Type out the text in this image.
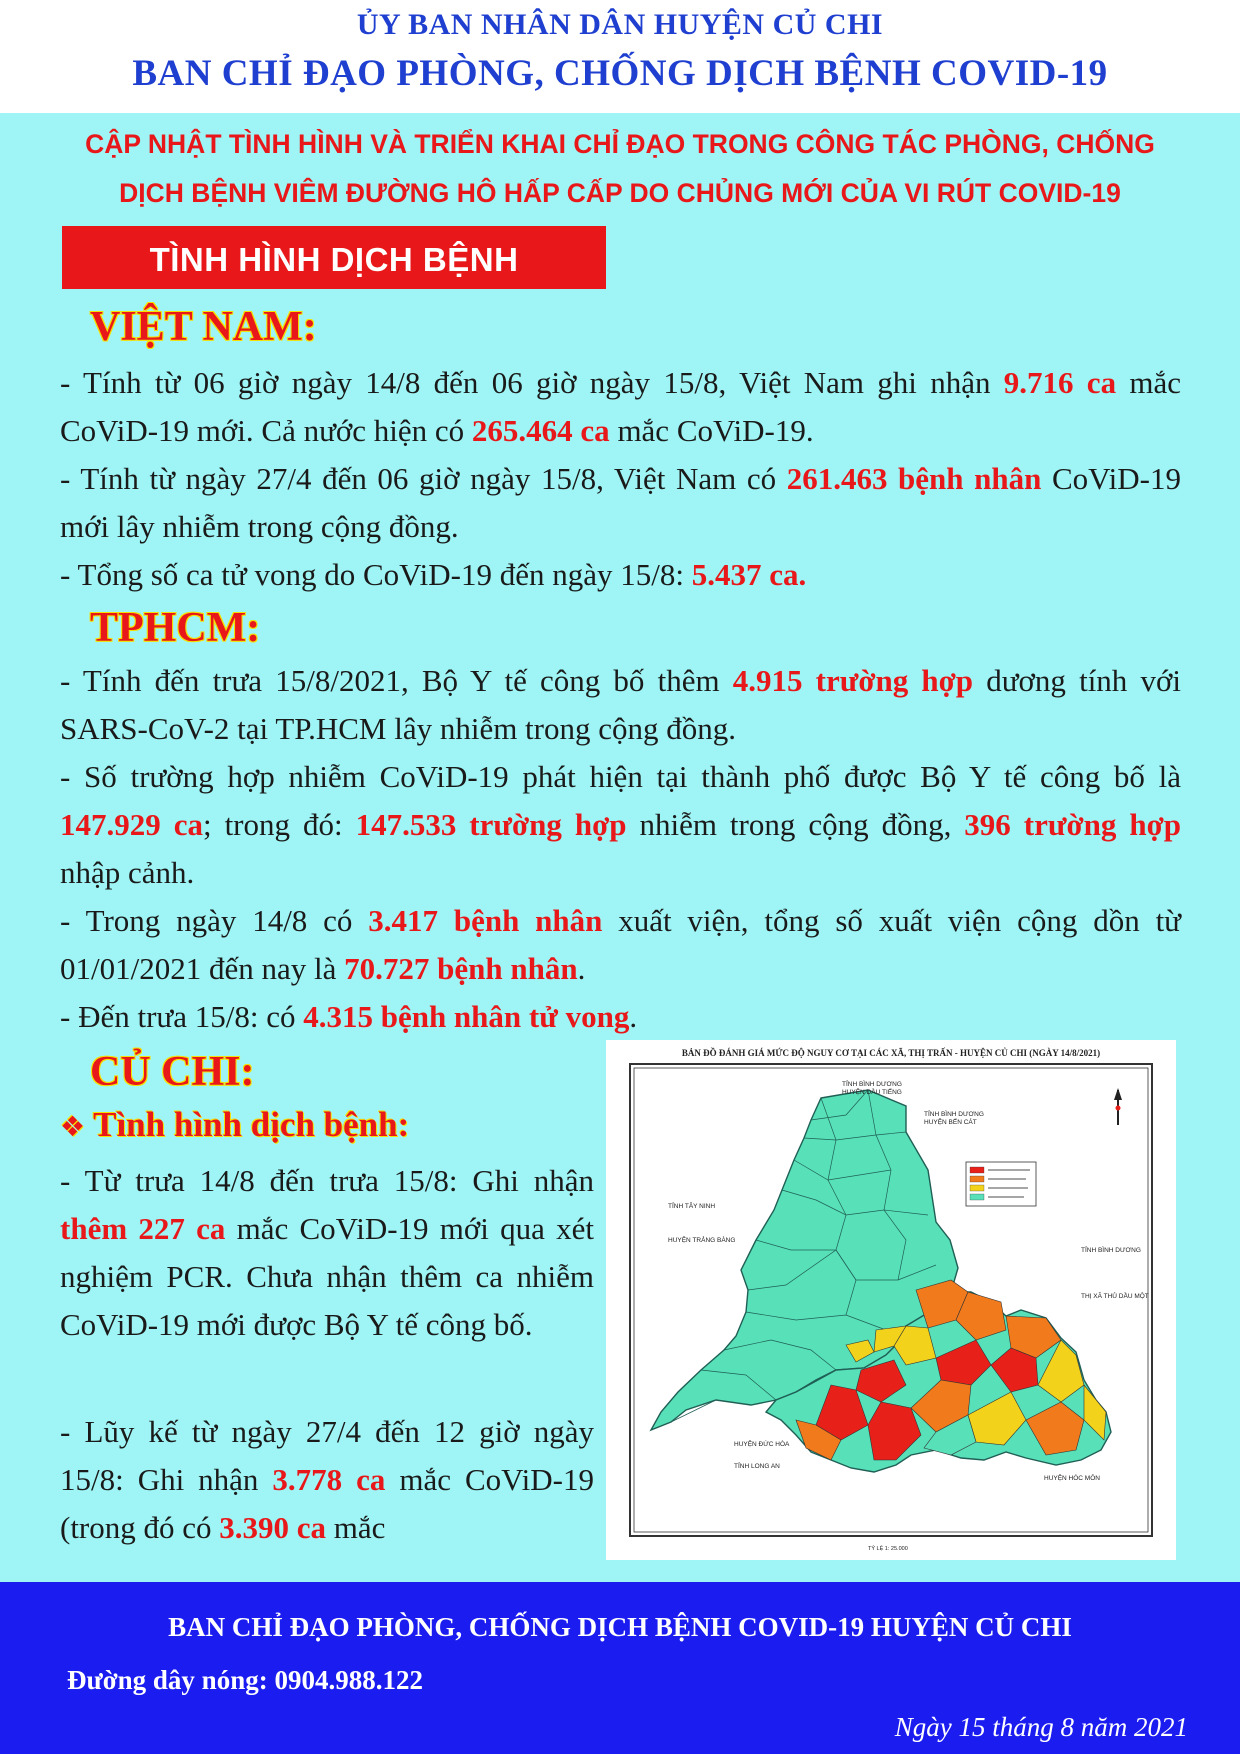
ỦY BAN NHÂN DÂN HUYỆN CỦ CHI
BAN CHỈ ĐẠO PHÒNG, CHỐNG DỊCH BỆNH COVID-19
CẬP NHẬT TÌNH HÌNH VÀ TRIỂN KHAI CHỈ ĐẠO TRONG CÔNG TÁC PHÒNG, CHỐNG
DỊCH BỆNH VIÊM ĐƯỜNG HÔ HẤP CẤP DO CHỦNG MỚI CỦA VI RÚT COVID-19
TÌNH HÌNH DỊCH BỆNH
VIỆT NAM:
- Tính từ 06 giờ ngày 14/8 đến 06 giờ ngày 15/8, Việt Nam ghi nhận 9.716 ca mắc CoViD-19 mới. Cả nước hiện có 265.464 ca mắc CoViD-19.
- Tính từ ngày 27/4 đến 06 giờ ngày 15/8, Việt Nam có 261.463 bệnh nhân CoViD-19 mới lây nhiễm trong cộng đồng.
- Tổng số ca tử vong do CoViD-19 đến ngày 15/8: 5.437 ca.
TPHCM:
- Tính đến trưa 15/8/2021, Bộ Y tế công bố thêm 4.915 trường hợp dương tính với SARS-CoV-2 tại TP.HCM lây nhiễm trong cộng đồng.
- Số trường hợp nhiễm CoViD-19 phát hiện tại thành phố được Bộ Y tế công bố là 147.929 ca; trong đó: 147.533 trường hợp nhiễm trong cộng đồng, 396 trường hợp nhập cảnh.
- Trong ngày 14/8 có 3.417 bệnh nhân xuất viện, tổng số xuất viện cộng dồn từ 01/01/2021 đến nay là 70.727 bệnh nhân.
- Đến trưa 15/8: có 4.315 bệnh nhân tử vong.
CỦ CHI:
❖ Tình hình dịch bệnh:
- Từ trưa 14/8 đến trưa 15/8: Ghi nhận thêm 227 ca mắc CoViD-19 mới qua xét nghiệm PCR. Chưa nhận thêm ca nhiễm CoViD-19 mới được Bộ Y tế công bố.
- Lũy kế từ ngày 27/4 đến 12 giờ ngày 15/8: Ghi nhận 3.778 ca mắc CoViD-19 (trong đó có 3.390 ca mắc
BẢN ĐỒ ĐÁNH GIÁ MỨC ĐỘ NGUY CƠ TẠI CÁC XÃ, THỊ TRẤN - HUYỆN CỦ CHI (NGÀY 14/8/2021)
TỈNH BÌNH DƯƠNG
HUYỆN DẦU TIẾNG
TỈNH BÌNH DƯƠNG
HUYỆN BẾN CÁT
TỈNH TÂY NINH
HUYỆN TRẢNG BÀNG
TỈNH BÌNH DƯƠNG
THỊ XÃ THỦ DẦU MỘT
HUYỆN ĐỨC HÒA
TỈNH LONG AN
HUYỆN HÓC MÔN
TỶ LỆ 1: 25.000
BAN CHỈ ĐẠO PHÒNG, CHỐNG DỊCH BỆNH COVID-19 HUYỆN CỦ CHI
Đường dây nóng: 0904.988.122
Ngày 15 tháng 8 năm 2021
